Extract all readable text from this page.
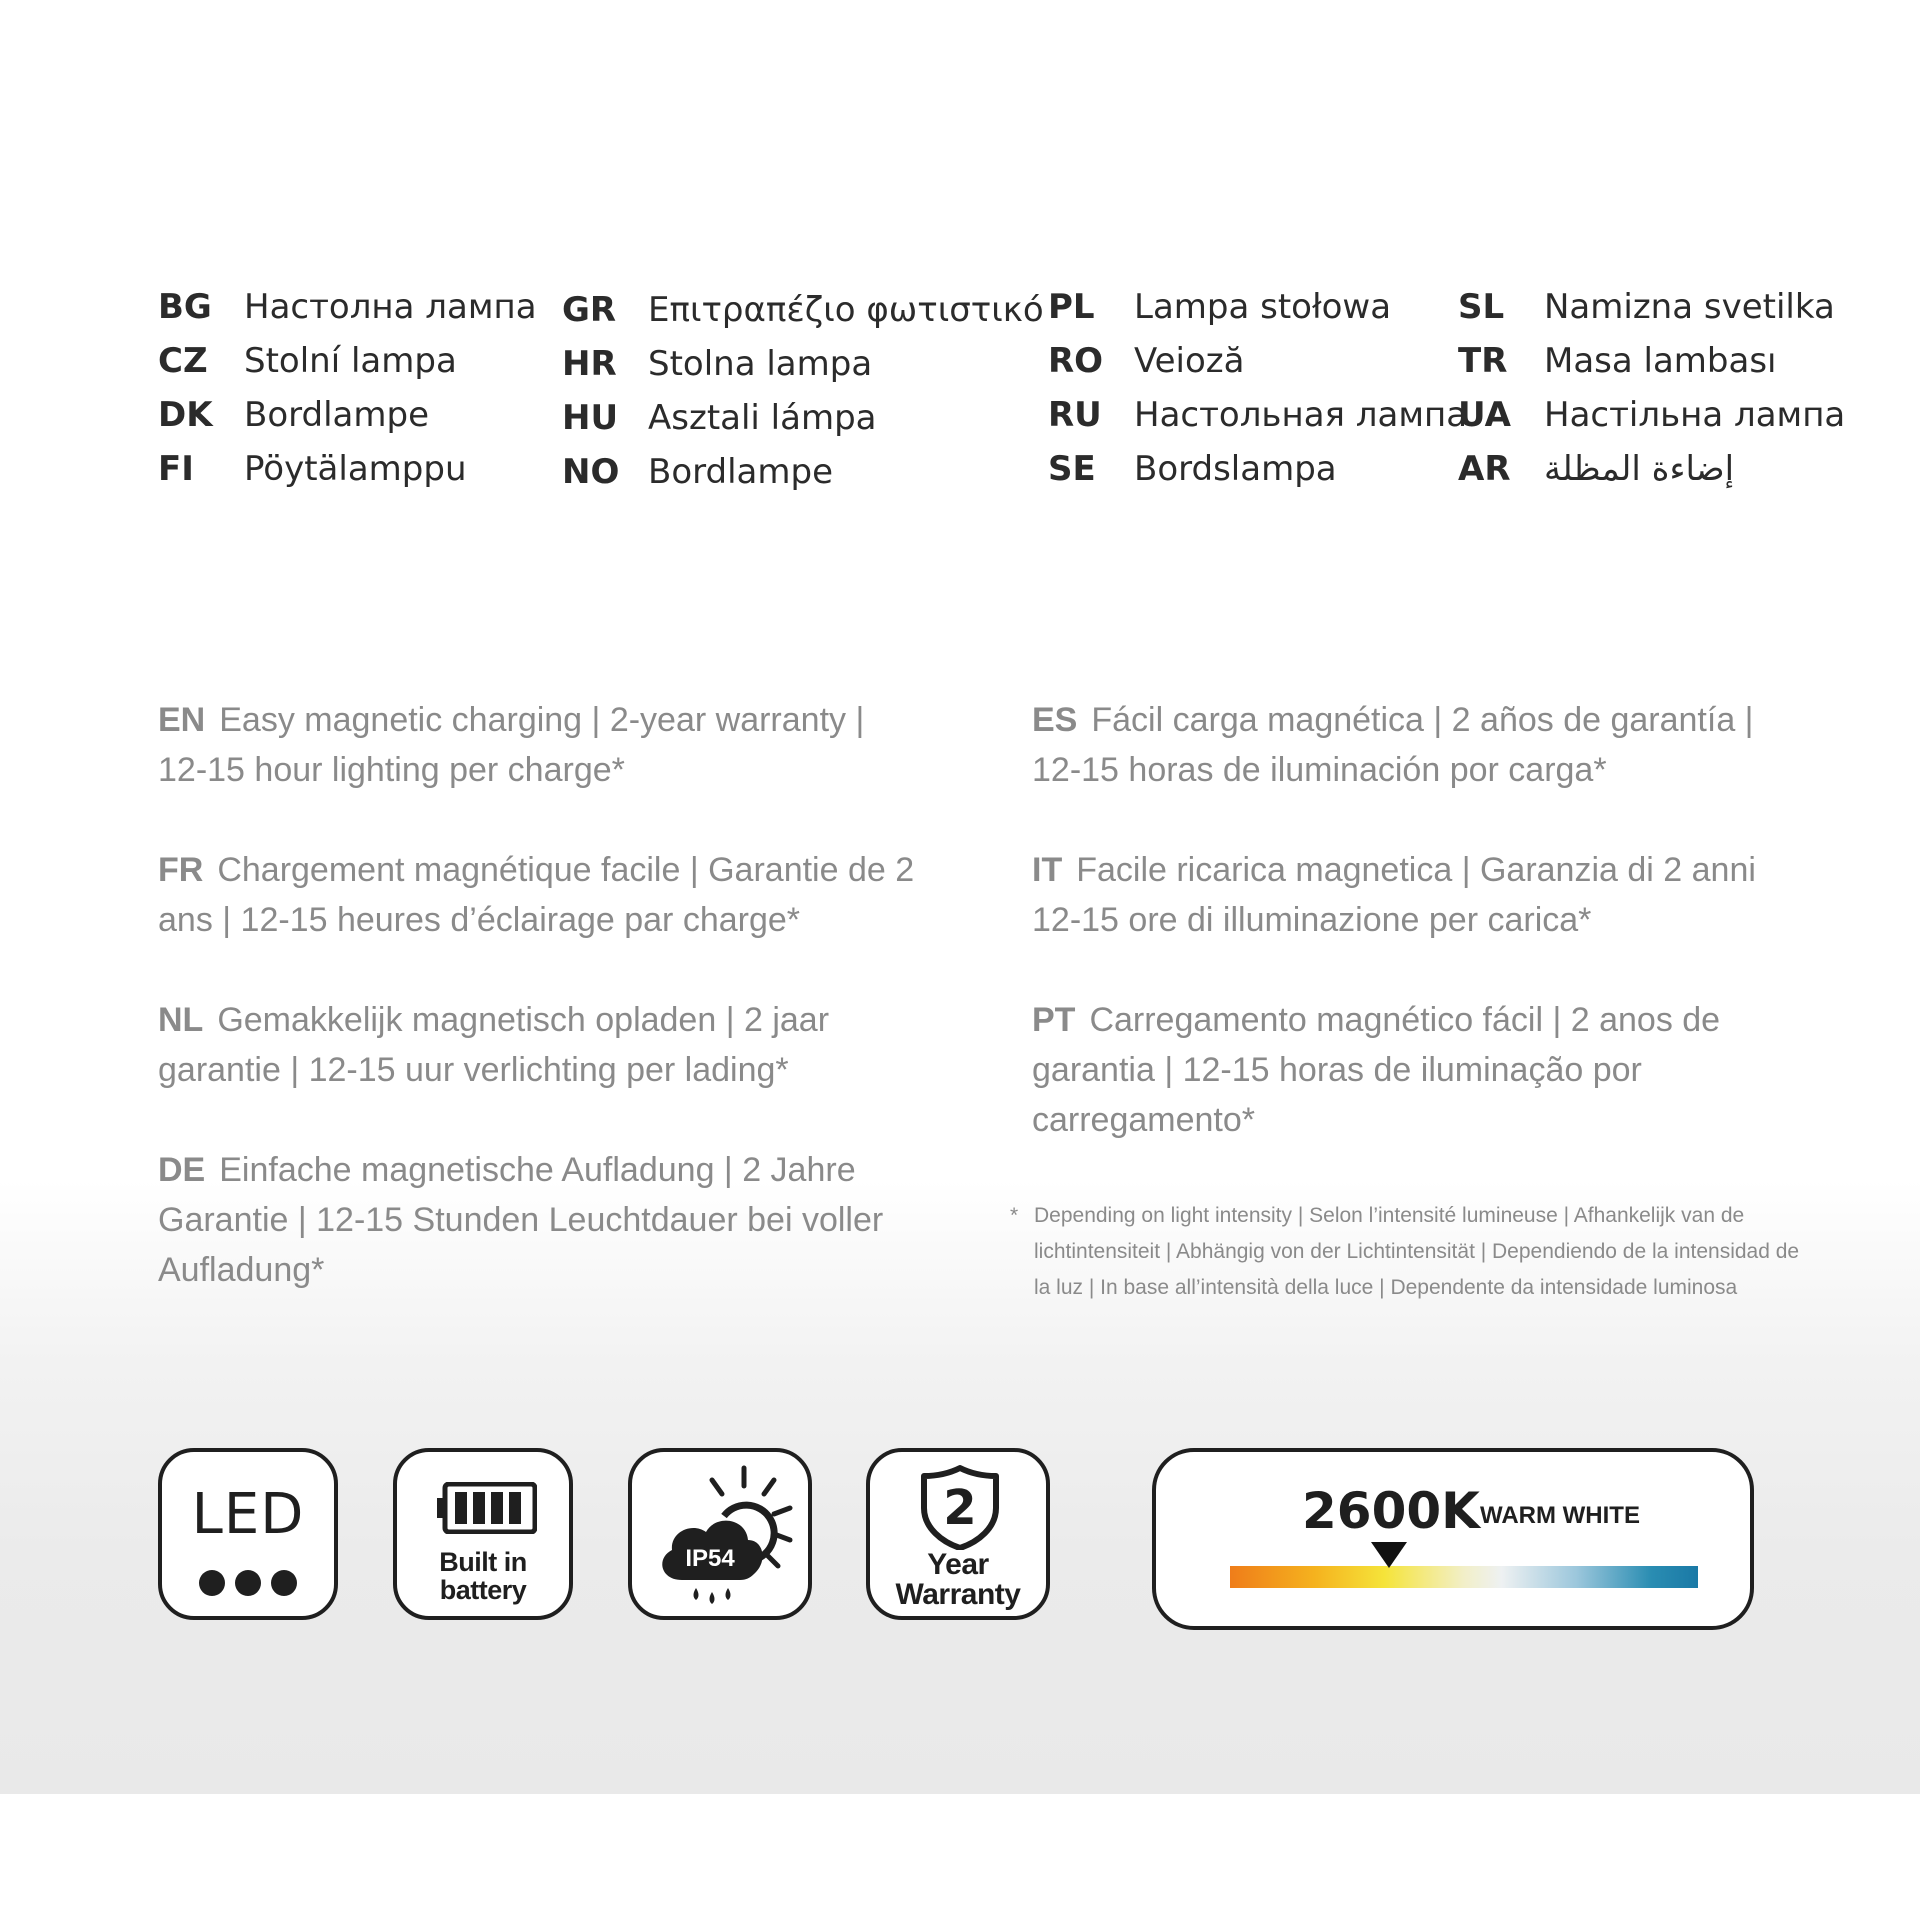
BG Настолна лампа
CZ	Stolní lampa
DK Bordlampe
FI	Pöytälamppu
GR Επιτραπέζιο φωτιστικό
HR Stolna lampa
HU Asztali lámpa
NO Bordlampe
PL	Lampa stołowa
RO Veioză
RU Настольная лампа
SE	Bordslampa
SL	Namizna svetilka
TR	Masa lambası
UA Настільна лампа
AR إضاءة المظلة
EN Easy magnetic charging | 2-year warranty | 12-15 hour lighting per charge*
FR Chargement magnétique facile | Garantie de 2 ans | 12-15 heures d’éclairage par charge*
NL Gemakkelijk magnetisch opladen | 2 jaar garantie | 12-15 uur verlichting per lading*
DE Einfache magnetische Aufladung | 2 Jahre Garantie | 12-15 Stunden Leuchtdauer bei voller Aufladung*
ES Fácil carga magnética | 2 años de garantía | 12-15 horas de iluminación por carga*
IT Facile ricarica magnetica | Garanzia di 2 anni 12-15 ore di illuminazione per carica*
PT Carregamento magnético fácil | 2 anos de garantia | 12-15 horas de iluminação por carregamento*
* Depending on light intensity | Selon l’intensité lumineuse | Afhankelijk van de lichtintensiteit | Abhängig von der Lichtintensität | Dependiendo de la intensidad de la luz | In base all’intensità della luce | Dependente da intensidade luminosa
LED
Built in
battery
IP54
2
Year
Warranty
2600K WARM WHITE
